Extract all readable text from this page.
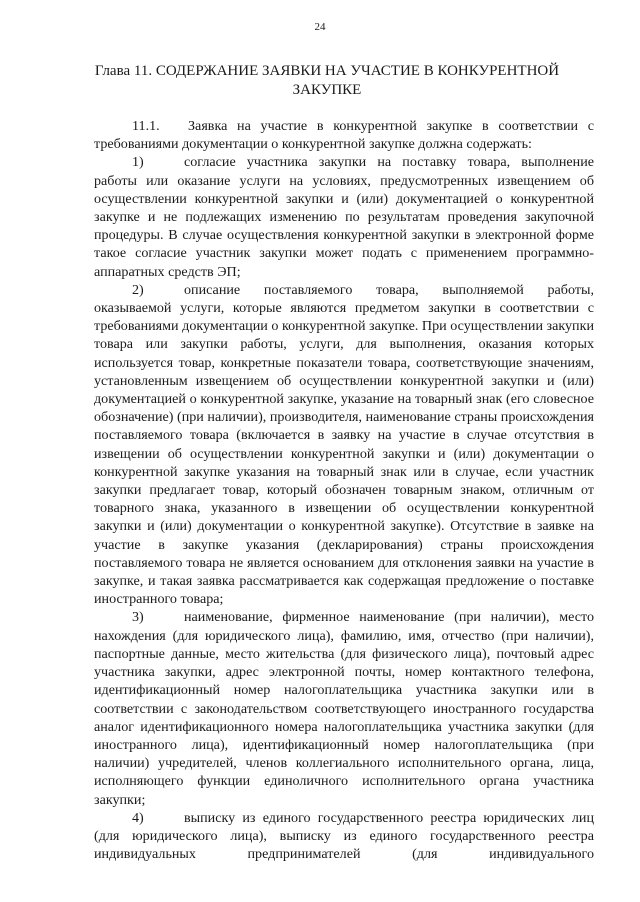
24
Глава 11. СОДЕРЖАНИЕ ЗАЯВКИ НА УЧАСТИЕ В КОНКУРЕНТНОЙ ЗАКУПКЕ

11.1. Заявка на участие в конкурентной закупке в соответствии с требованиями документации о конкурентной закупке должна содержать:

1)	согласие участника закупки на поставку товара, выполнение работы или оказание услуги на условиях, предусмотренных извещением об осуществлении конкурентной закупки и (или) документацией о конкурентной закупке и не подлежащих изменению по результатам проведения закупочной процедуры. В случае осуществления конкурентной закупки в электронной форме такое согласие участник закупки может подать с применением программно-аппаратных средств ЭП;

2)	описание поставляемого товара, выполняемой работы, оказываемой услуги, которые являются предметом закупки в соответствии с требованиями документации о конкурентной закупке. При осуществлении закупки товара или закупки работы, услуги, для выполнения, оказания которых используется товар, конкретные показатели товара, соответствующие значениям, установленным извещением об осуществлении конкурентной закупки и (или) документацией о конкурентной закупке, указание на товарный знак (его словесное обозначение) (при наличии), производителя, наименование страны происхождения поставляемого товара (включается в заявку на участие в случае отсутствия в извещении об осуществлении конкурентной закупки и (или) документации о конкурентной закупке указания на товарный знак или в случае, если участник закупки предлагает товар, который обозначен товарным знаком, отличным от товарного знака, указанного в извещении об осуществлении конкурентной закупки и (или) документации о конкурентной закупке). Отсутствие в заявке на участие в закупке указания (декларирования) страны происхождения поставляемого товара не является основанием для отклонения заявки на участие в закупке, и такая заявка рассматривается как содержащая предложение о поставке иностранного товара;

3)	наименование, фирменное наименование (при наличии), место нахождения (для юридического лица), фамилию, имя, отчество (при наличии), паспортные данные, место жительства (для физического лица), почтовый адрес участника закупки, адрес электронной почты, номер контактного телефона, идентификационный номер налогоплательщика участника закупки или в соответствии с законодательством соответствующего иностранного государства аналог идентификационного номера налогоплательщика участника закупки (для иностранного лица), идентификационный номер налогоплательщика (при наличии) учредителей, членов коллегиального исполнительного органа, лица, исполняющего функции единоличного исполнительного органа участника закупки;

4)	выписку из единого государственного реестра юридических лиц (для юридического лица), выписку из единого государственного реестра индивидуальных предпринимателей (для индивидуального
